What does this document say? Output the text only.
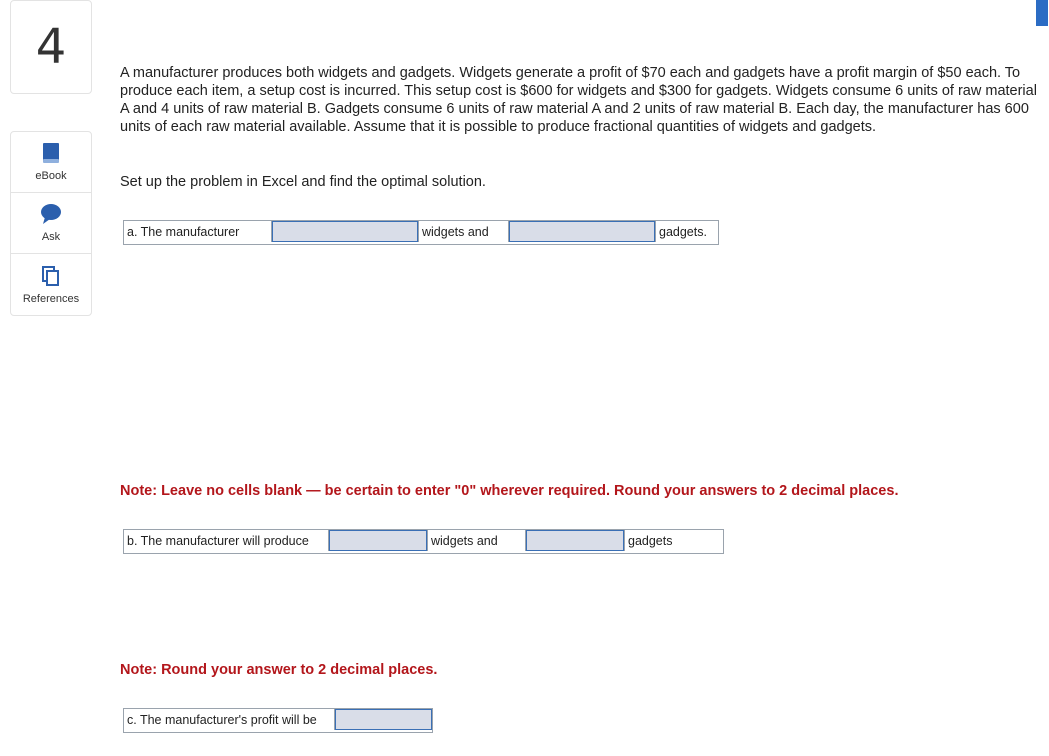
4
eBook
Ask
References
A manufacturer produces both widgets and gadgets. Widgets generate a profit of $70 each and gadgets have a profit margin of $50 each. To produce each item, a setup cost is incurred. This setup cost is $600 for widgets and $300 for gadgets. Widgets consume 6 units of raw material A and 4 units of raw material B. Gadgets consume 6 units of raw material A and 2 units of raw material B. Each day, the manufacturer has 600 units of each raw material available. Assume that it is possible to produce fractional quantities of widgets and gadgets.
Set up the problem in Excel and find the optimal solution.
a. The manufacturer	widgets and	gadgets.
Note: Leave no cells blank — be certain to enter "0" wherever required. Round your answers to 2 decimal places.
b. The manufacturer will produce	widgets and	gadgets
Note: Round your answer to 2 decimal places.
c. The manufacturer's profit will be
